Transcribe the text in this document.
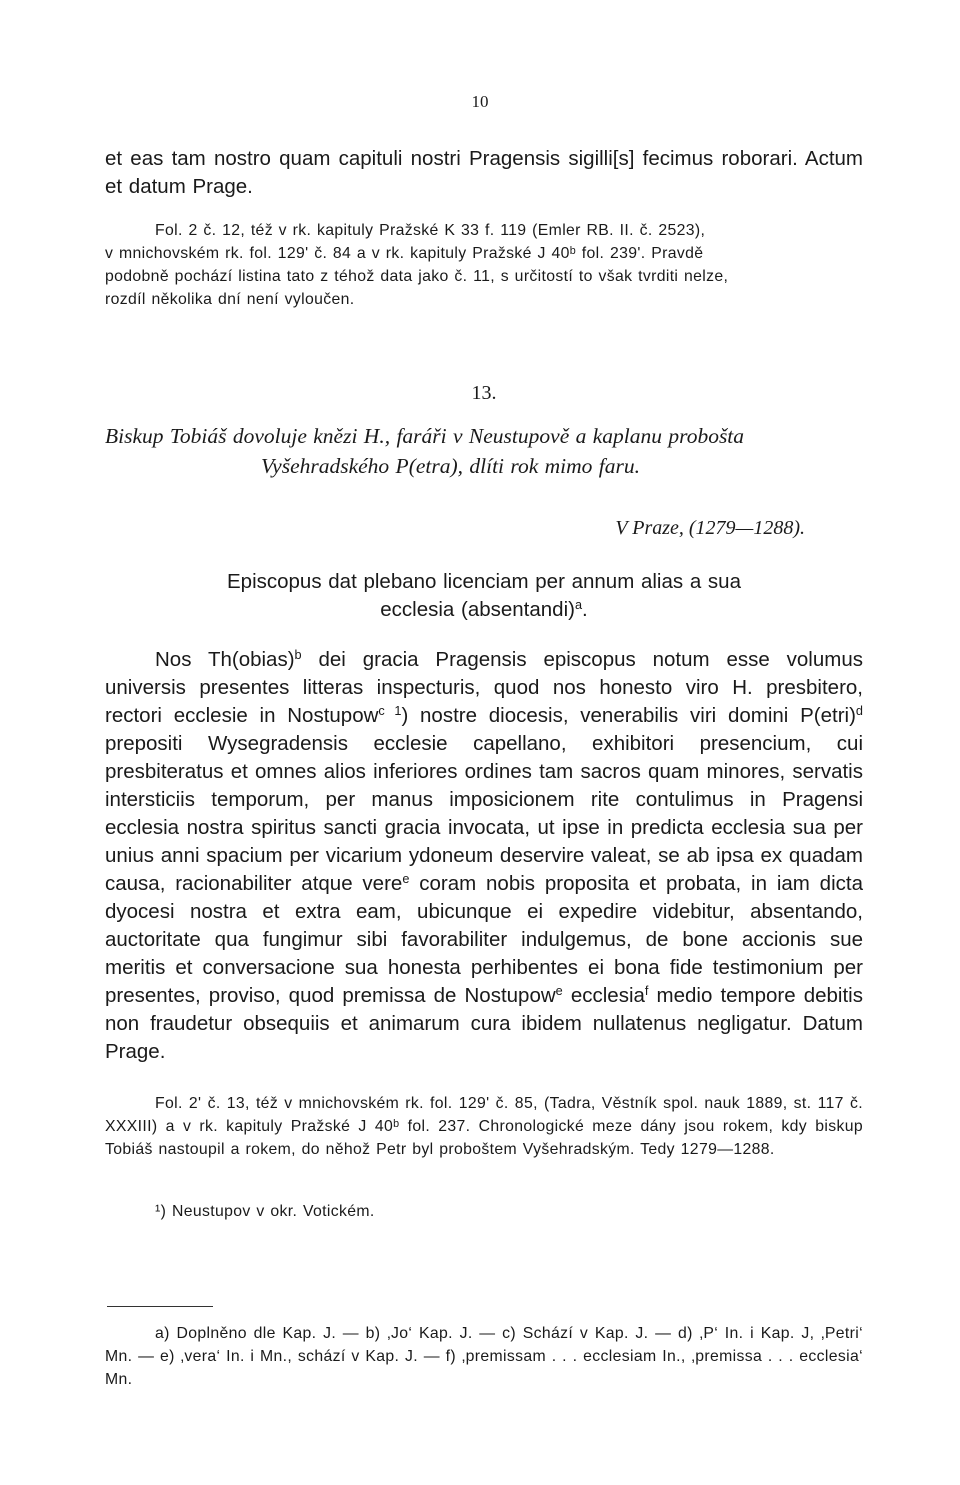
10

et eas tam nostro quam capituli nostri Pragensis sigilli[s] fecimus roborari. Actum et datum Prage.

Fol. 2 č. 12, též v rk. kapituly Pražské K 33 f. 119 (Emler RB. II. č. 2523),
v mnichovském rk. fol. 129' č. 84 a v rk. kapituly Pražské J 40ᵇ fol. 239'. Pravdě
podobně pochází listina tato z téhož data jako č. 11, s určitostí to však tvrditi nelze,
rozdíl několika dní není vyloučen.
13.
Biskup Tobiáš dovoluje knězi H., faráři v Neustupově a kaplanu probošta
Vyšehradského P(etra), dlíti rok mimo faru.
V Praze, (1279—1288).
Episcopus dat plebano licenciam per annum alias a sua
ecclesia (absentandi)$^a$.

Nos Th(obias)$^b$ dei gracia Pragensis episcopus notum esse volumus universis presentes litteras inspecturis, quod nos honesto viro H. presbitero, rectori ecclesie in Nostupow$^{c 1}$) nostre diocesis, venerabilis viri domini P(etri)$^d$ prepositi Wysegradensis ecclesie capellano, exhibitori presencium, cui presbiteratus et omnes alios inferiores ordines tam sacros quam minores, servatis intersticiis temporum, per manus imposicionem rite contulimus in Pragensi ecclesia nostra spiritus sancti gracia invocata, ut ipse in predicta ecclesia sua per unius anni spacium per vicarium ydoneum deservire valeat, se ab ipsa ex quadam causa, racionabiliter atque vere$^e$ coram nobis proposita et probata, in iam dicta dyocesi nostra et extra eam, ubicunque ei expedire videbitur, absentando, auctoritate qua fungimur sibi favorabiliter indulgemus, de bone accionis sue meritis et conversacione sua honesta perhibentes ei bona fide testimonium per presentes, proviso, quod premissa de Nostupow$^e$ ecclesia$^f$ medio tempore debitis non fraudetur obsequiis et animarum cura ibidem nullatenus negligatur. Datum Prage.

Fol. 2' č. 13, též v mnichovském rk. fol. 129' č. 85, (Tadra, Věstník spol. nauk 1889, st. 117 č. XXXIII) a v rk. kapituly Pražské J 40ᵇ fol. 237. Chronologické meze dány jsou rokem, kdy biskup Tobiáš nastoupil a rokem, do něhož Petr byl proboštem Vyšehradským. Tedy 1279—1288.

¹) Neustupov v okr. Votickém.

a) Doplněno dle Kap. J. — b) ‚Jo‘ Kap. J. — c) Schází v Kap. J. — d) ‚P‘ In. i Kap. J, ‚Petri‘ Mn. — e) ‚vera‘ In. i Mn., schází v Kap. J. — f) ‚premissam . . . ecclesiam In., ‚premissa . . . ecclesia‘ Mn.
